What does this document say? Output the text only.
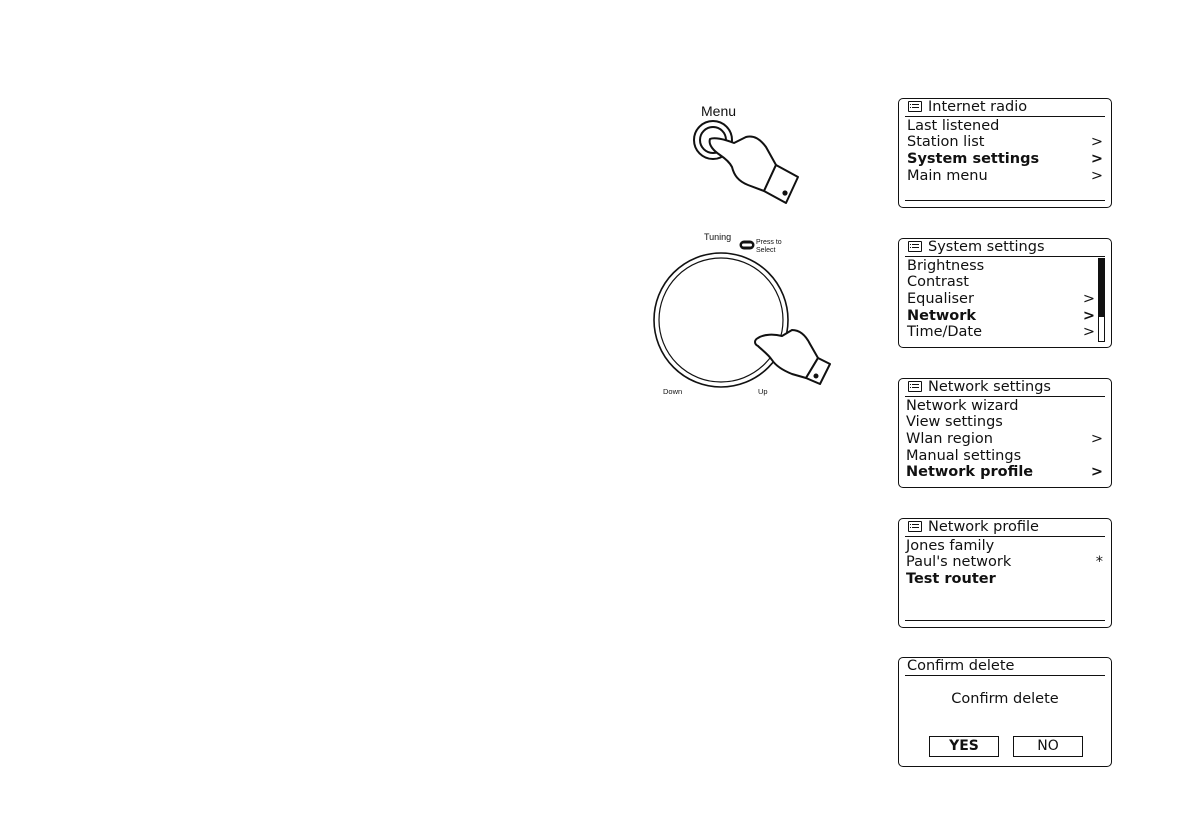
Menu
Tuning
Press to Select
Down	Up
Internet radio
Last listened
Station list	>
System settings	>
Main menu	>
System settings
Brightness
Contrast
Equaliser	>
Network	>
Time/Date	>
Network settings
Network wizard
View settings
Wlan region	>
Manual settings
Network profile	>
Network profile
Jones family
Paul's network	*
Test router
Confirm delete
Confirm delete
YES	NO
